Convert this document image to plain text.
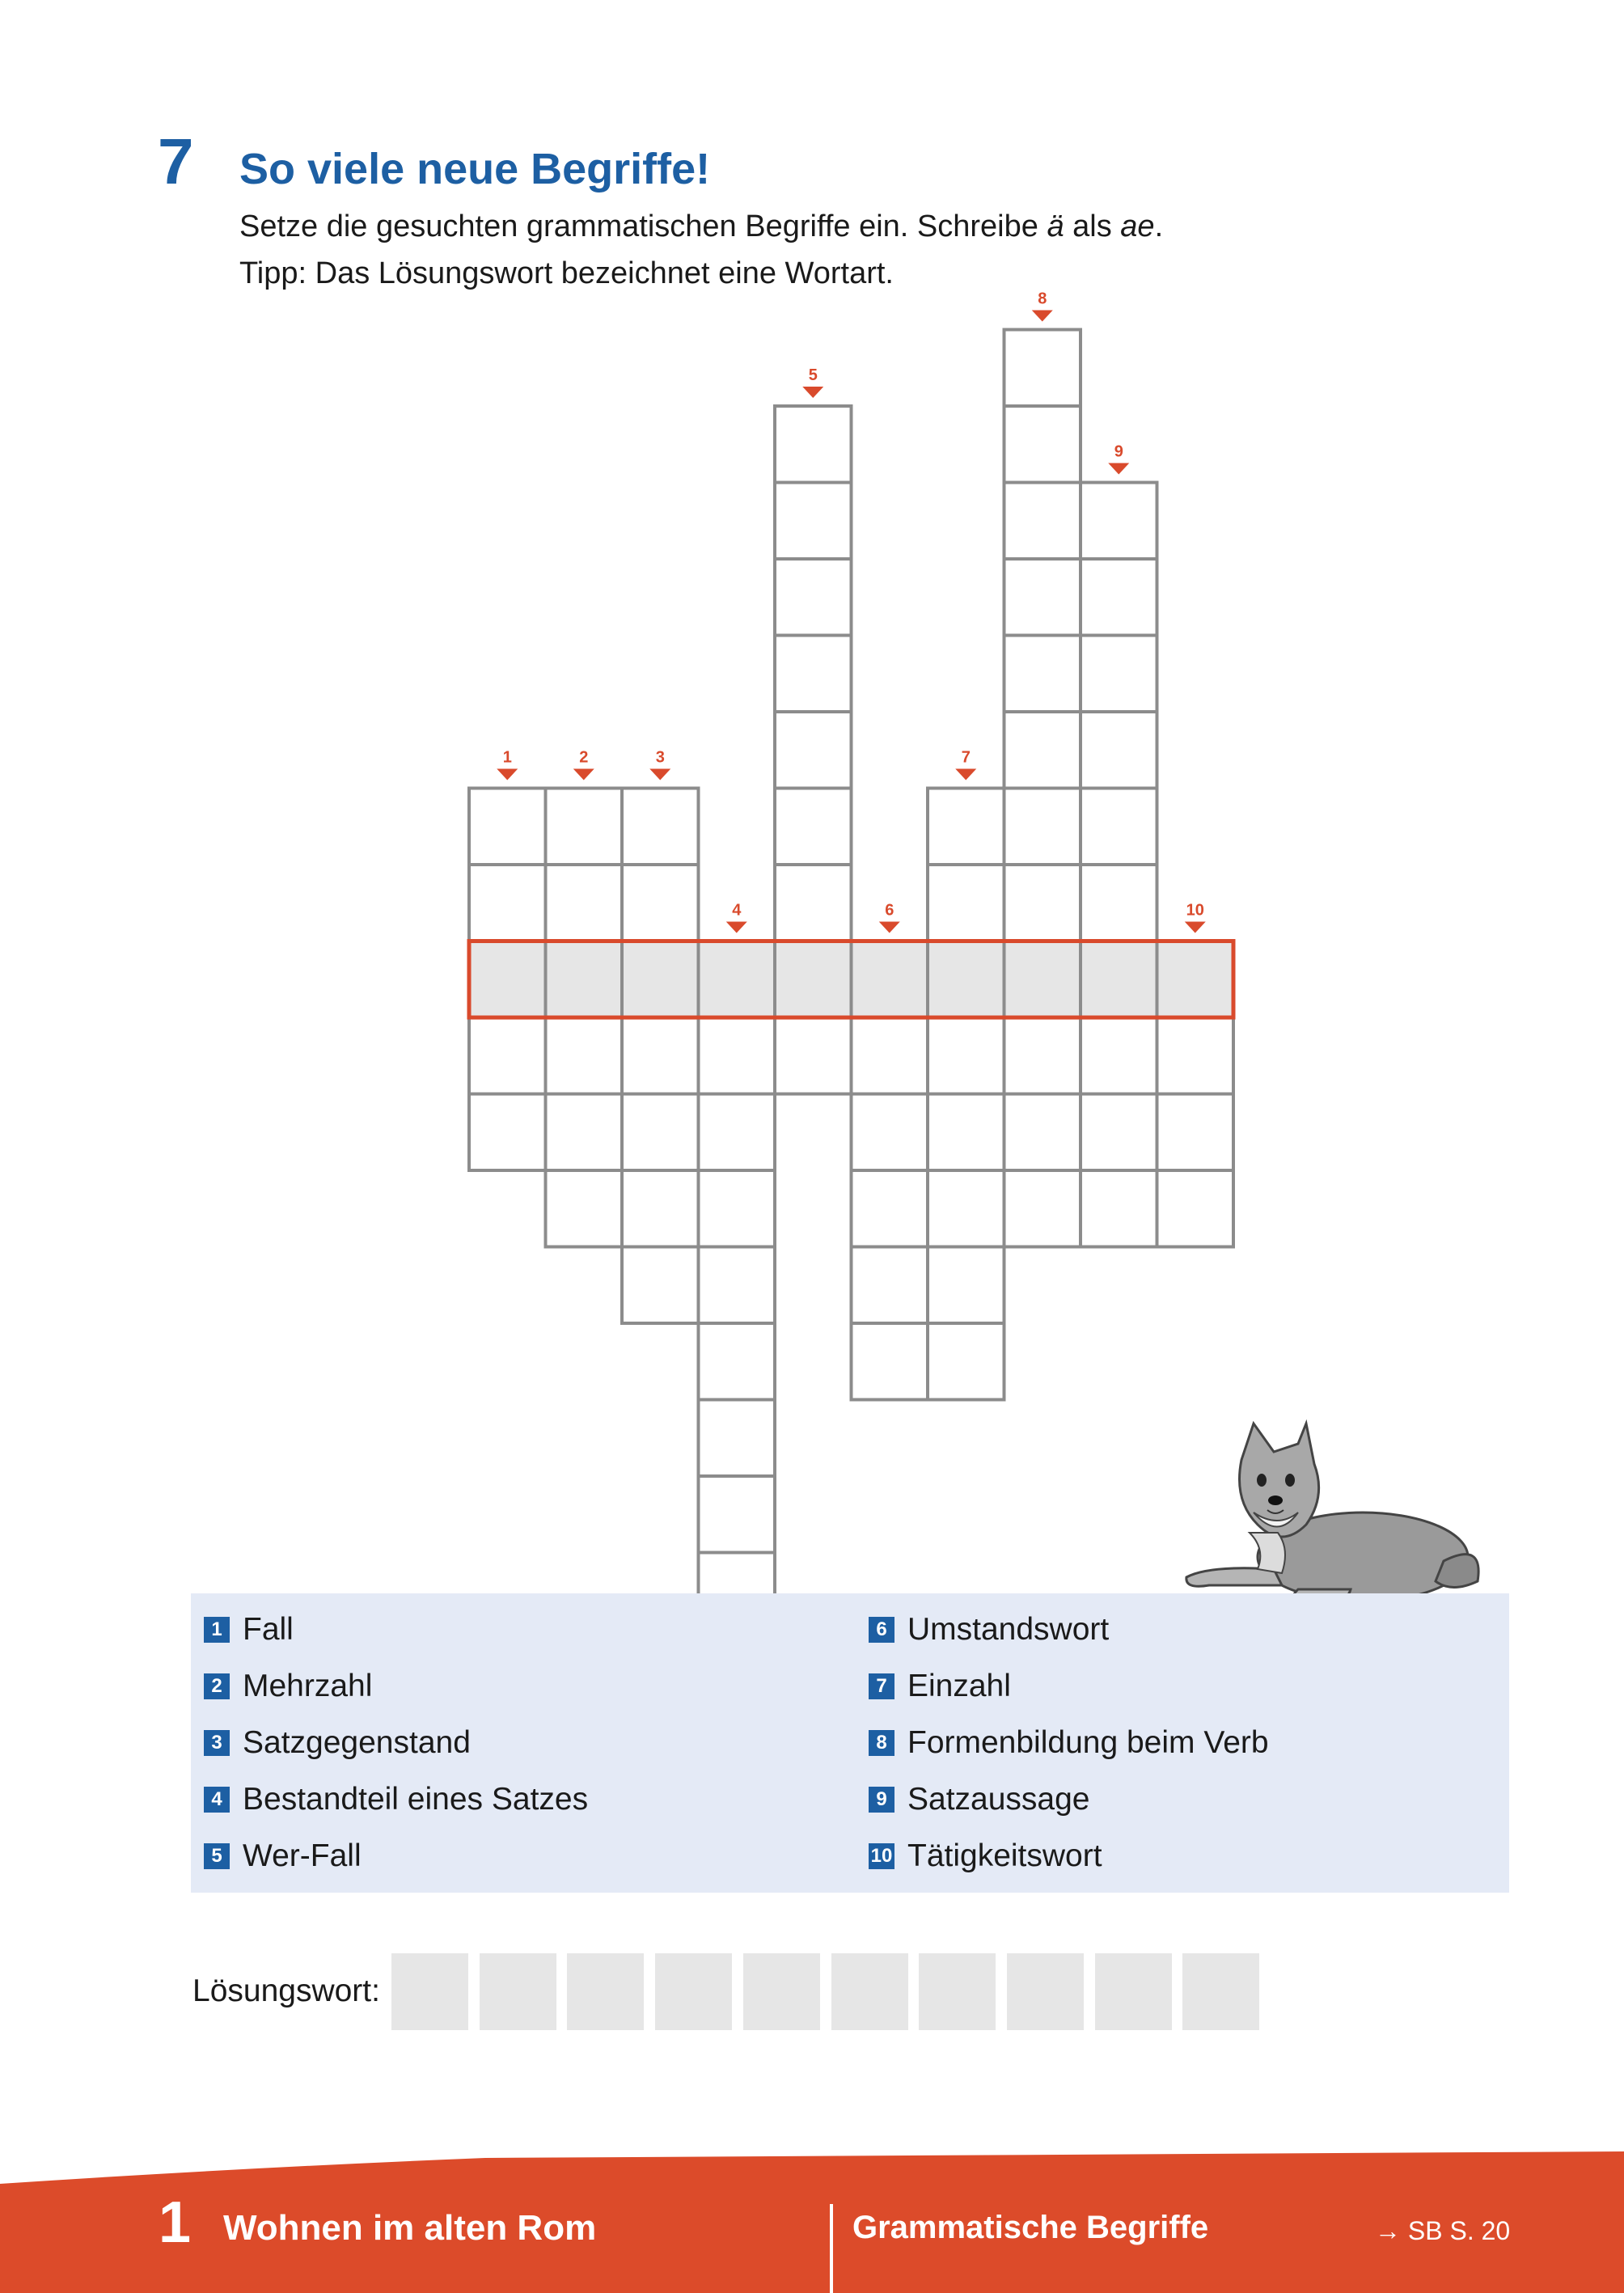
7 So viele neue Begriffe!
Setze die gesuchten grammatischen Begriffe ein. Schreibe ä als ae.
Tipp: Das Lösungswort bezeichnet eine Wortart.
1	2	3
4
5
6
7
8
9
10
1 Fall
2 Mehrzahl
3 Satzgegenstand
4 Bestandteil eines Satzes
5 Wer-Fall
6 Umstandswort
7 Einzahl
8 Formenbildung beim Verb
9 Satzaussage
10 Tätigkeitswort
Lösungswort:
1 Wohnen im alten Rom	Grammatische Begriffe	→ SB S. 20
